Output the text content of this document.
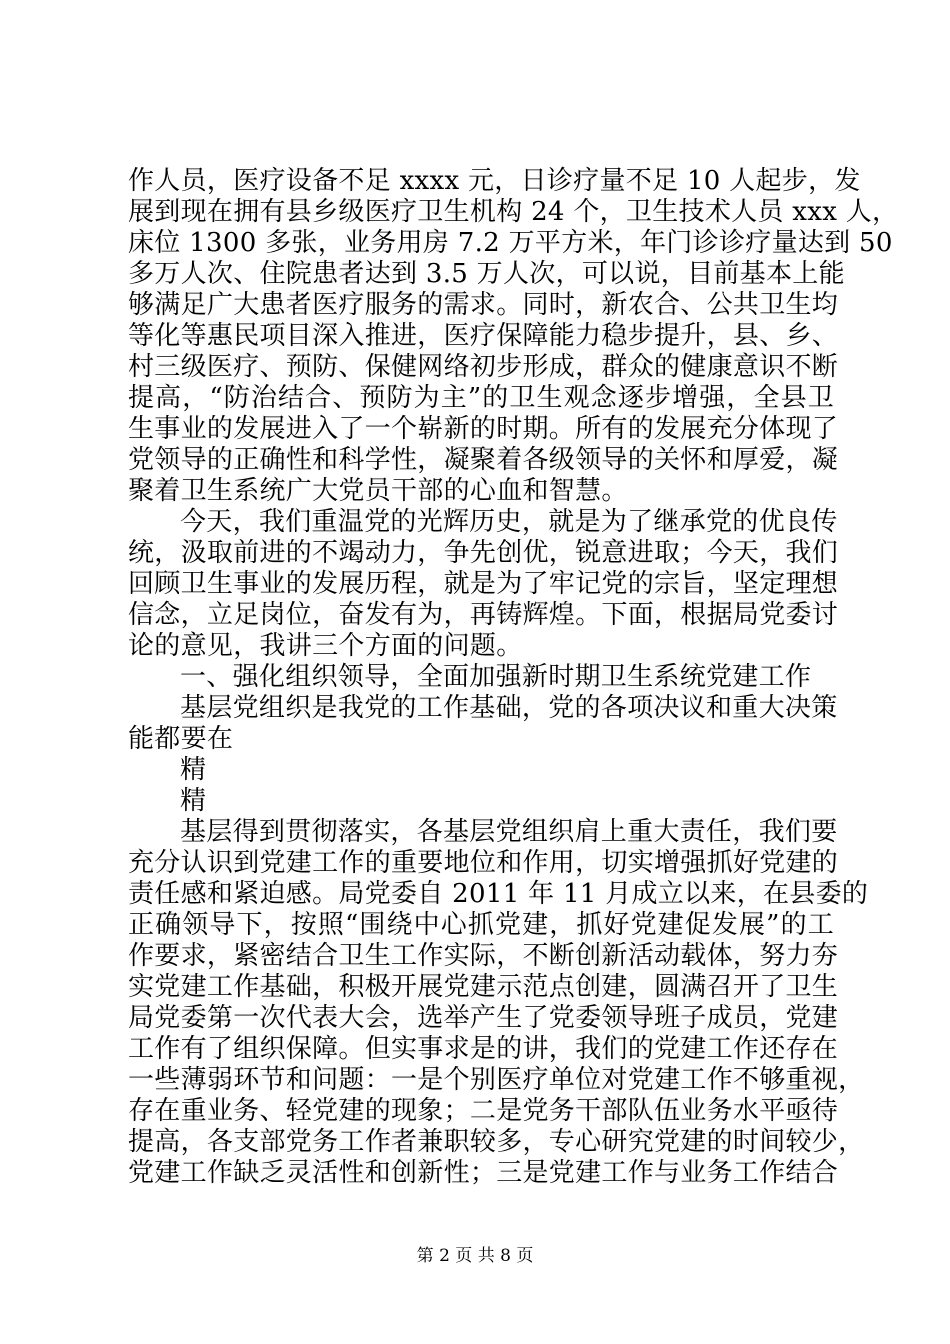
作人员，医疗设备不足 xxxx 元，日诊疗量不足 10 人起步，发
展到现在拥有县乡级医疗卫生机构 24 个，卫生技术人员 xxx 人，
床位 1300 多张，业务用房 7.2 万平方米，年门诊诊疗量达到 50
多万人次、住院患者达到 3.5 万人次，可以说，目前基本上能
够满足广大患者医疗服务的需求。同时，新农合、公共卫生均
等化等惠民项目深入推进，医疗保障能力稳步提升，县、乡、
村三级医疗、预防、保健网络初步形成，群众的健康意识不断
提高，“防治结合、预防为主”的卫生观念逐步增强，全县卫
生事业的发展进入了一个崭新的时期。所有的发展充分体现了
党领导的正确性和科学性，凝聚着各级领导的关怀和厚爱，凝
聚着卫生系统广大党员干部的心血和智慧。
今天，我们重温党的光辉历史，就是为了继承党的优良传
统，汲取前进的不竭动力，争先创优，锐意进取；今天，我们
回顾卫生事业的发展历程，就是为了牢记党的宗旨，坚定理想
信念，立足岗位，奋发有为，再铸辉煌。下面，根据局党委讨
论的意见，我讲三个方面的问题。
一、强化组织领导，全面加强新时期卫生系统党建工作
基层党组织是我党的工作基础，党的各项决议和重大决策
能都要在
精
精
基层得到贯彻落实，各基层党组织肩上重大责任，我们要
充分认识到党建工作的重要地位和作用，切实增强抓好党建的
责任感和紧迫感。局党委自 2011 年 11 月成立以来，在县委的
正确领导下，按照“围绕中心抓党建，抓好党建促发展”的工
作要求，紧密结合卫生工作实际，不断创新活动载体，努力夯
实党建工作基础，积极开展党建示范点创建，圆满召开了卫生
局党委第一次代表大会，选举产生了党委领导班子成员，党建
工作有了组织保障。但实事求是的讲，我们的党建工作还存在
一些薄弱环节和问题：一是个别医疗单位对党建工作不够重视，
存在重业务、轻党建的现象；二是党务干部队伍业务水平亟待
提高，各支部党务工作者兼职较多，专心研究党建的时间较少，
党建工作缺乏灵活性和创新性；三是党建工作与业务工作结合
第 2 页 共 8 页
